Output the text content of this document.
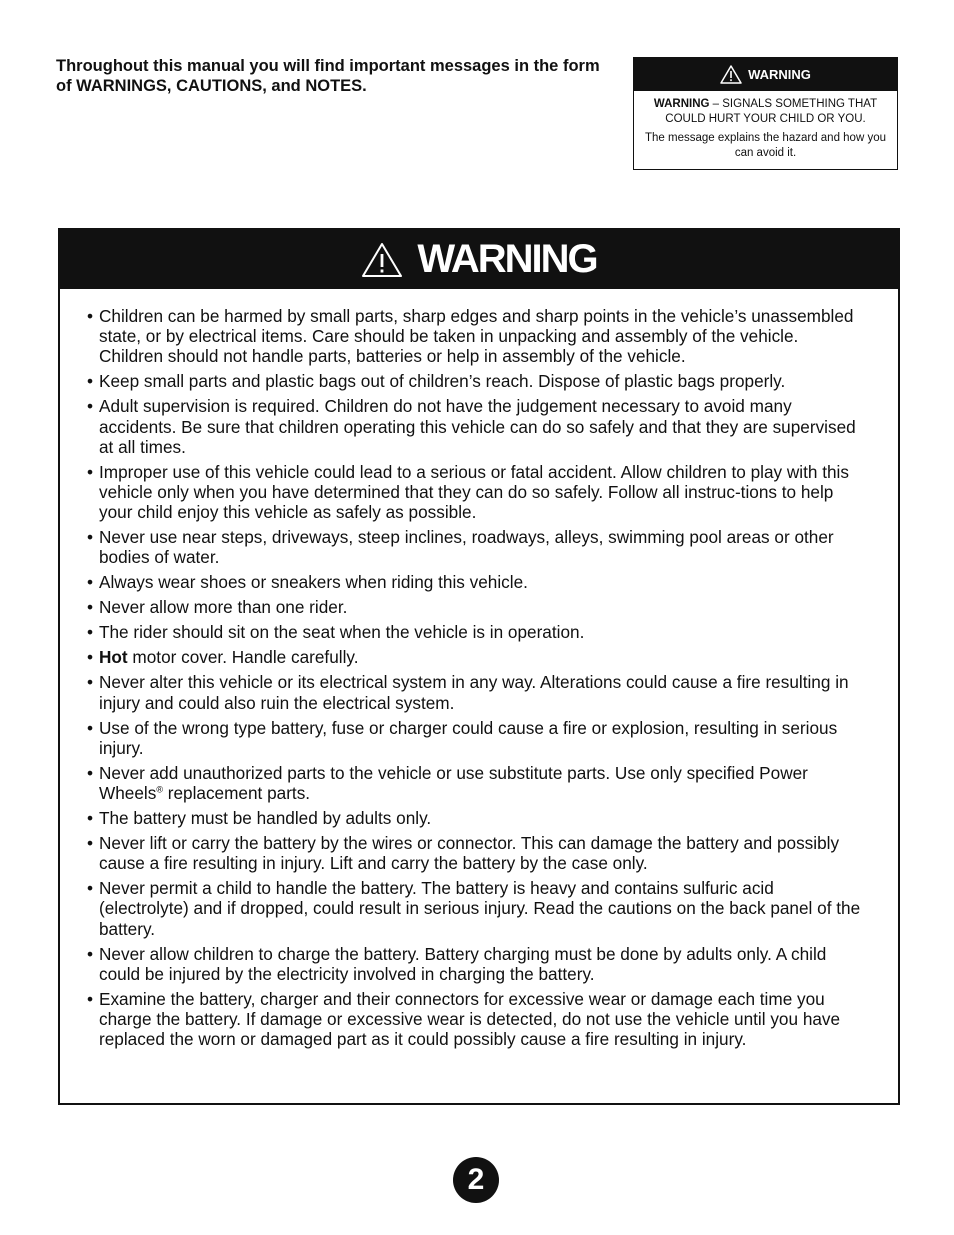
Throughout this manual you will find important messages in the form of WARNINGS, CAUTIONS, and NOTES.
WARNING

WARNING – SIGNALS SOMETHING THAT COULD HURT YOUR CHILD OR YOU.

The message explains the hazard and how you can avoid it.

WARNING
• Children can be harmed by small parts, sharp edges and sharp points in the vehicle’s unassembled state, or by electrical items. Care should be taken in unpacking and assembly of the vehicle. Children should not handle parts, batteries or help in assembly of the vehicle.
• Keep small parts and plastic bags out of children’s reach. Dispose of plastic bags properly.
• Adult supervision is required. Children do not have the judgement necessary to avoid many accidents. Be sure that children operating this vehicle can do so safely and that they are supervised at all times.
• Improper use of this vehicle could lead to a serious or fatal accident. Allow children to play with this vehicle only when you have determined that they can do so safely. Follow all instruc-tions to help your child enjoy this vehicle as safely as possible.
• Never use near steps, driveways, steep inclines, roadways, alleys, swimming pool areas or other bodies of water.
• Always wear shoes or sneakers when riding this vehicle.
• Never allow more than one rider.
• The rider should sit on the seat when the vehicle is in operation.
• Hot motor cover. Handle carefully.
• Never alter this vehicle or its electrical system in any way. Alterations could cause a fire resulting in injury and could also ruin the electrical system.
• Use of the wrong type battery, fuse or charger could cause a fire or explosion, resulting in serious injury.
• Never add unauthorized parts to the vehicle or use substitute parts. Use only specified Power Wheels® replacement parts.
• The battery must be handled by adults only.
• Never lift or carry the battery by the wires or connector. This can damage the battery and possibly cause a fire resulting in injury. Lift and carry the battery by the case only.
• Never permit a child to handle the battery. The battery is heavy and contains sulfuric acid (electrolyte) and if dropped, could result in serious injury. Read the cautions on the back panel of the battery.
• Never allow children to charge the battery. Battery charging must be done by adults only. A child could be injured by the electricity involved in charging the battery.
• Examine the battery, charger and their connectors for excessive wear or damage each time you charge the battery. If damage or excessive wear is detected, do not use the vehicle until you have replaced the worn or damaged part as it could possibly cause a fire resulting in injury.
2
